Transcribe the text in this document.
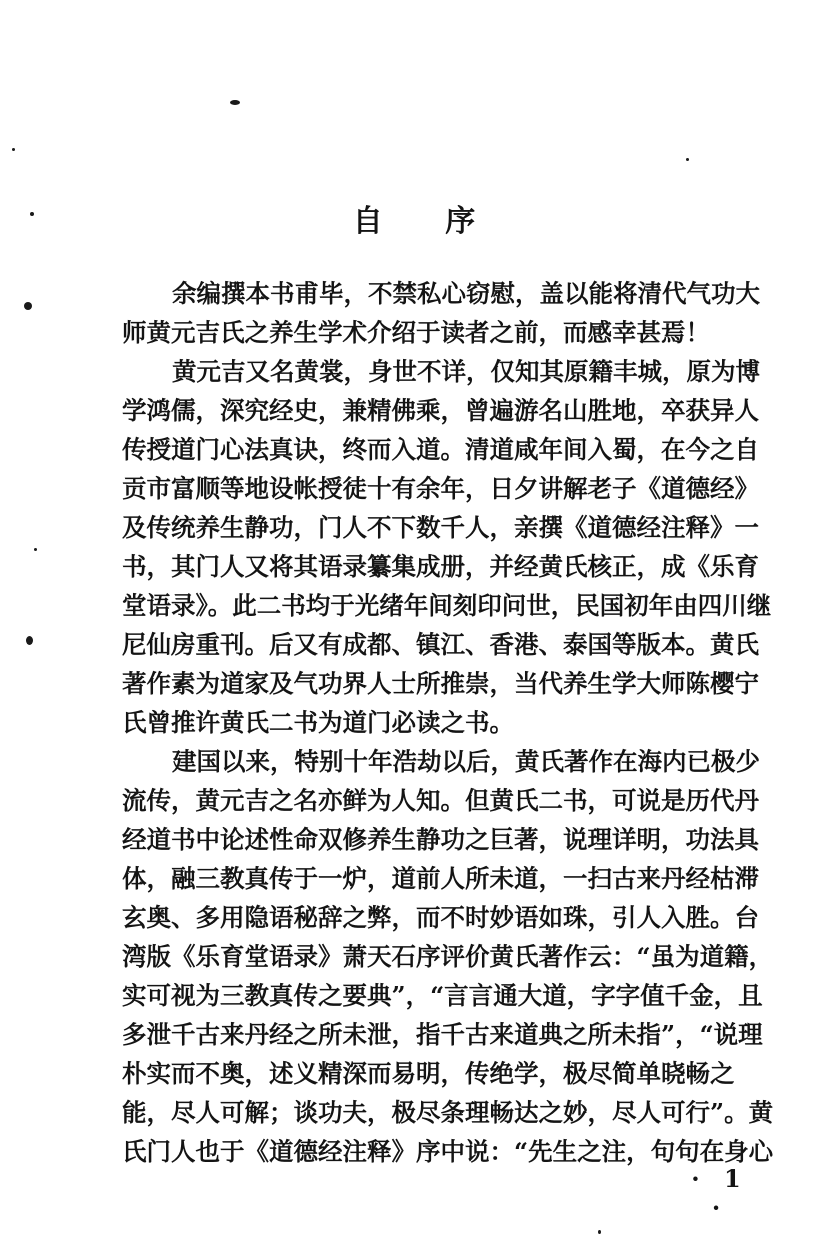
自 序
余编撰本书甫毕，不禁私心窃慰，盖以能将清代气功大
师黄元吉氏之养生学术介绍于读者之前，而感幸甚焉！
黄元吉又名黄裳，身世不详，仅知其原籍丰城，原为博
学鸿儒，深究经史，兼精佛乘，曾遍游名山胜地，卒获异人
传授道门心法真诀，终而入道。清道咸年间入蜀，在今之自
贡市富顺等地设帐授徒十有余年，日夕讲解老子《道德经》
及传统养生静功，门人不下数千人，亲撰《道德经注释》一
书，其门人又将其语录纂集成册，并经黄氏核正，成《乐育
堂语录》。此二书均于光绪年间刻印问世，民国初年由四川继
尼仙房重刊。后又有成都、镇江、香港、泰国等版本。黄氏
著作素为道家及气功界人士所推崇，当代养生学大师陈樱宁
氏曾推许黄氏二书为道门必读之书。
建国以来，特别十年浩劫以后，黄氏著作在海内已极少
流传，黄元吉之名亦鲜为人知。但黄氏二书，可说是历代丹
经道书中论述性命双修养生静功之巨著，说理详明，功法具
体，融三教真传于一炉，道前人所未道，一扫古来丹经枯滞
玄奥、多用隐语秘辞之弊，而不时妙语如珠，引人入胜。台
湾版《乐育堂语录》萧天石序评价黄氏著作云：“虽为道籍，
实可视为三教真传之要典”，“言言通大道，字字值千金，且
多泄千古来丹经之所未泄，指千古来道典之所未指”，“说理
朴实而不奥，述义精深而易明，传绝学，极尽简单晓畅之
能，尽人可解；谈功夫，极尽条理畅达之妙，尽人可行”。黄
氏门人也于《道德经注释》序中说：“先生之注，句句在身心
· 1 ·
